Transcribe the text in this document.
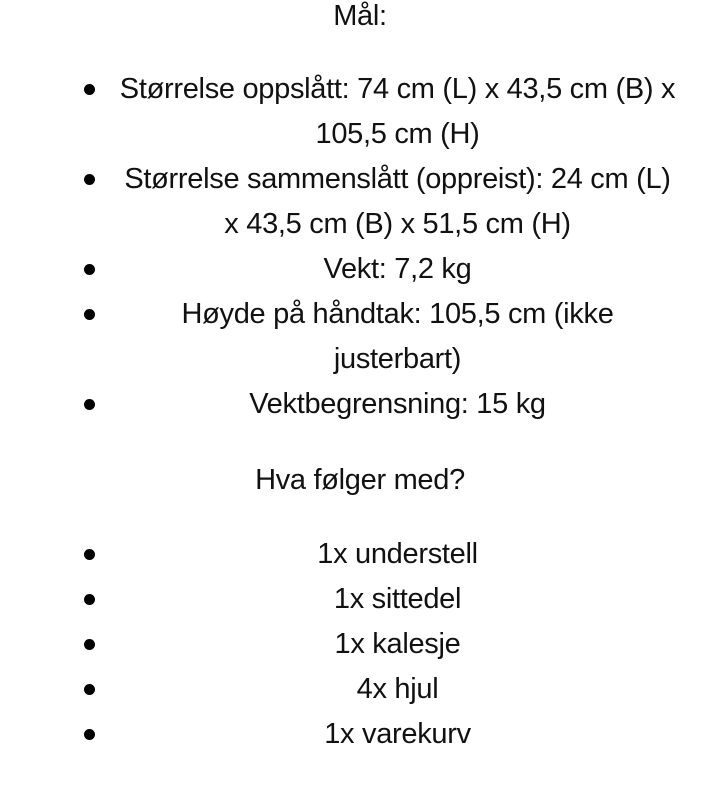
Mål:
Størrelse oppslått: 74 cm (L) x 43,5 cm (B) x 105,5 cm (H)
Størrelse sammenslått (oppreist): 24 cm (L) x 43,5 cm (B) x 51,5 cm (H)
Vekt: 7,2 kg
Høyde på håndtak: 105,5 cm (ikke justerbart)
Vektbegrensning: 15 kg
Hva følger med?
1x understell
1x sittedel
1x kalesje
4x hjul
1x varekurv
